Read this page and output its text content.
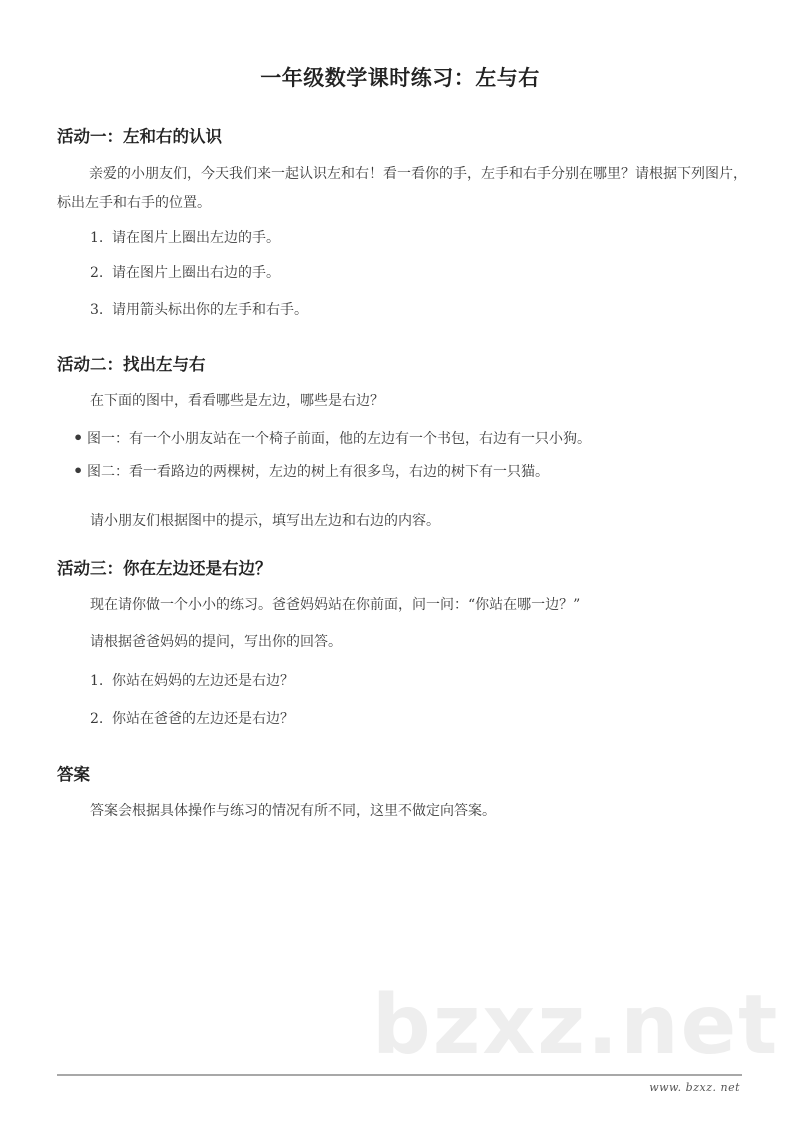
一年级数学课时练习：左与右
活动一：左和右的认识
亲爱的小朋友们，今天我们来一起认识左和右！看一看你的手，左手和右手分别在哪里？请根据下列图片，标出左手和右手的位置。
1. 请在图片上圈出左边的手。
2. 请在图片上圈出右边的手。
3. 请用箭头标出你的左手和右手。
活动二：找出左与右
在下面的图中，看看哪些是左边，哪些是右边？
• 图一：有一个小朋友站在一个椅子前面，他的左边有一个书包，右边有一只小狗。
• 图二：看一看路边的两棵树，左边的树上有很多鸟，右边的树下有一只猫。
请小朋友们根据图中的提示，填写出左边和右边的内容。
活动三：你在左边还是右边？
现在请你做一个小小的练习。爸爸妈妈站在你前面，问一问：“你站在哪一边？”
请根据爸爸妈妈的提问，写出你的回答。
1. 你站在妈妈的左边还是右边？
2. 你站在爸爸的左边还是右边？
答案
答案会根据具体操作与练习的情况有所不同，这里不做定向答案。
bzxz.net
www. bzxz. net
